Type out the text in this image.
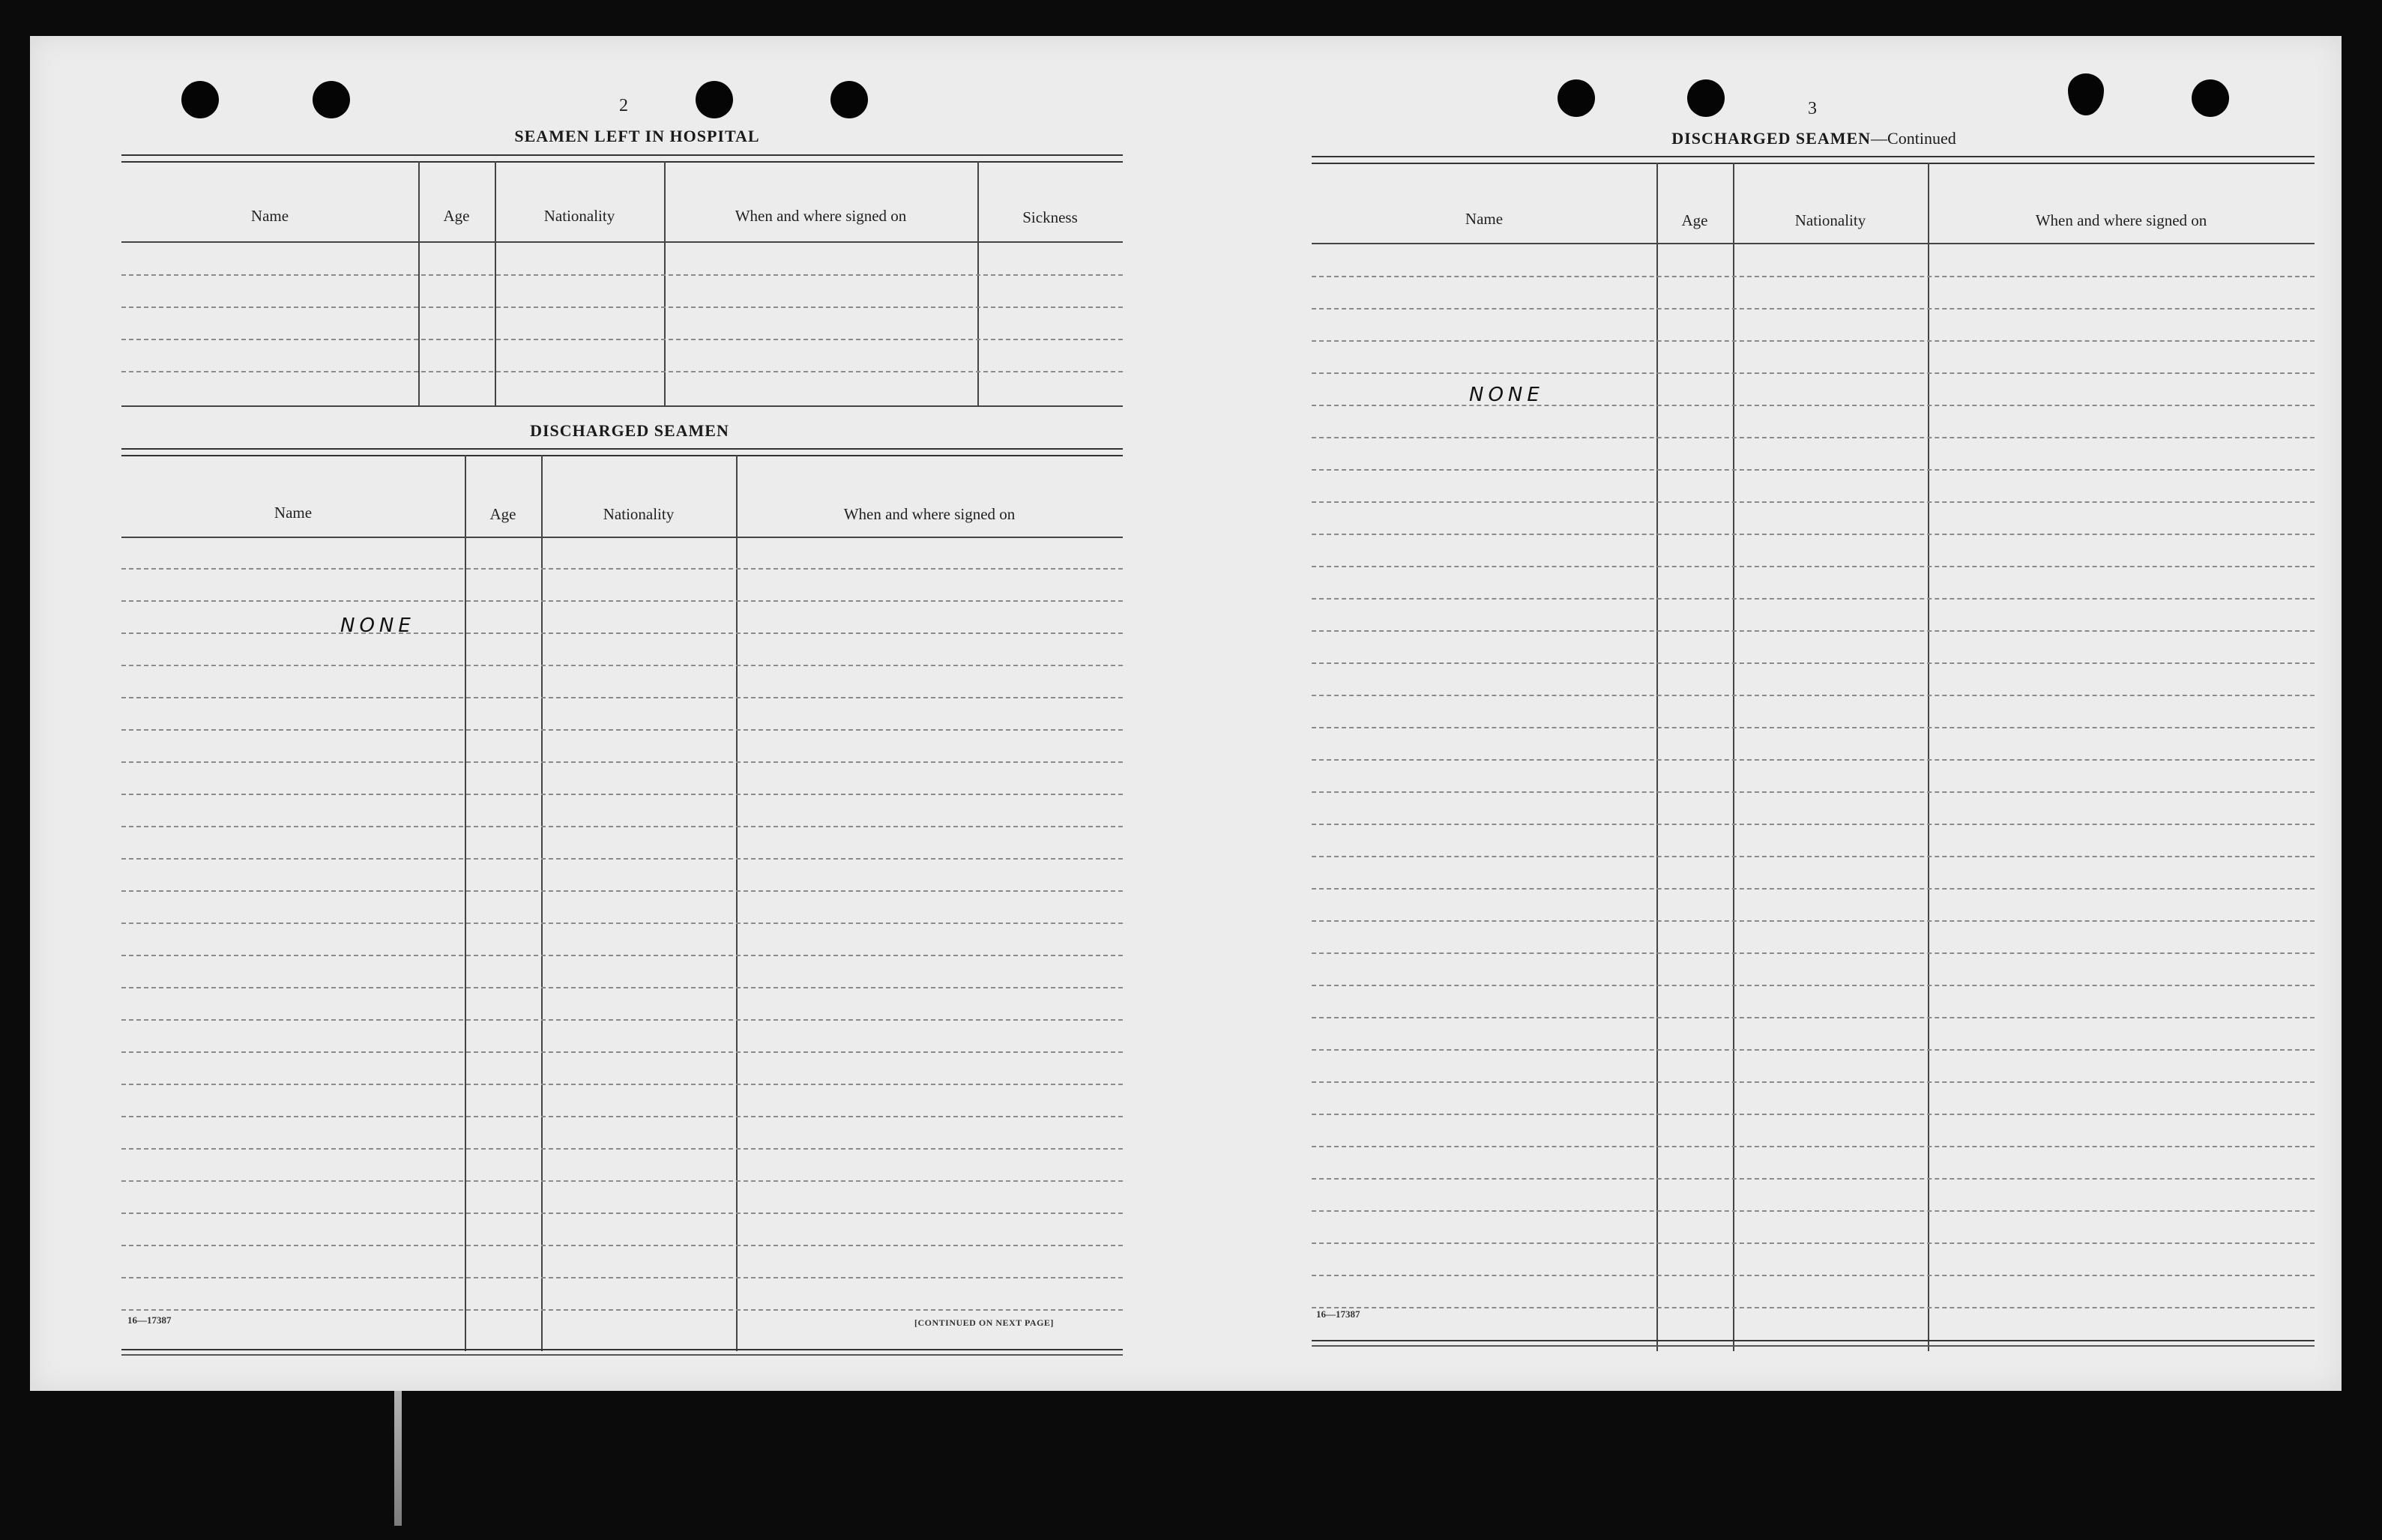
2
SEAMEN LEFT IN HOSPITAL
Name	Age	Nationality	When and where signed on	Sickness
DISCHARGED SEAMEN
Name	Age	Nationality	When and where signed on
NONE
16—17387	[CONTINUED ON NEXT PAGE]
3
DISCHARGED SEAMEN—Continued
Name	Age	Nationality	When and where signed on
NONE
16—17387
